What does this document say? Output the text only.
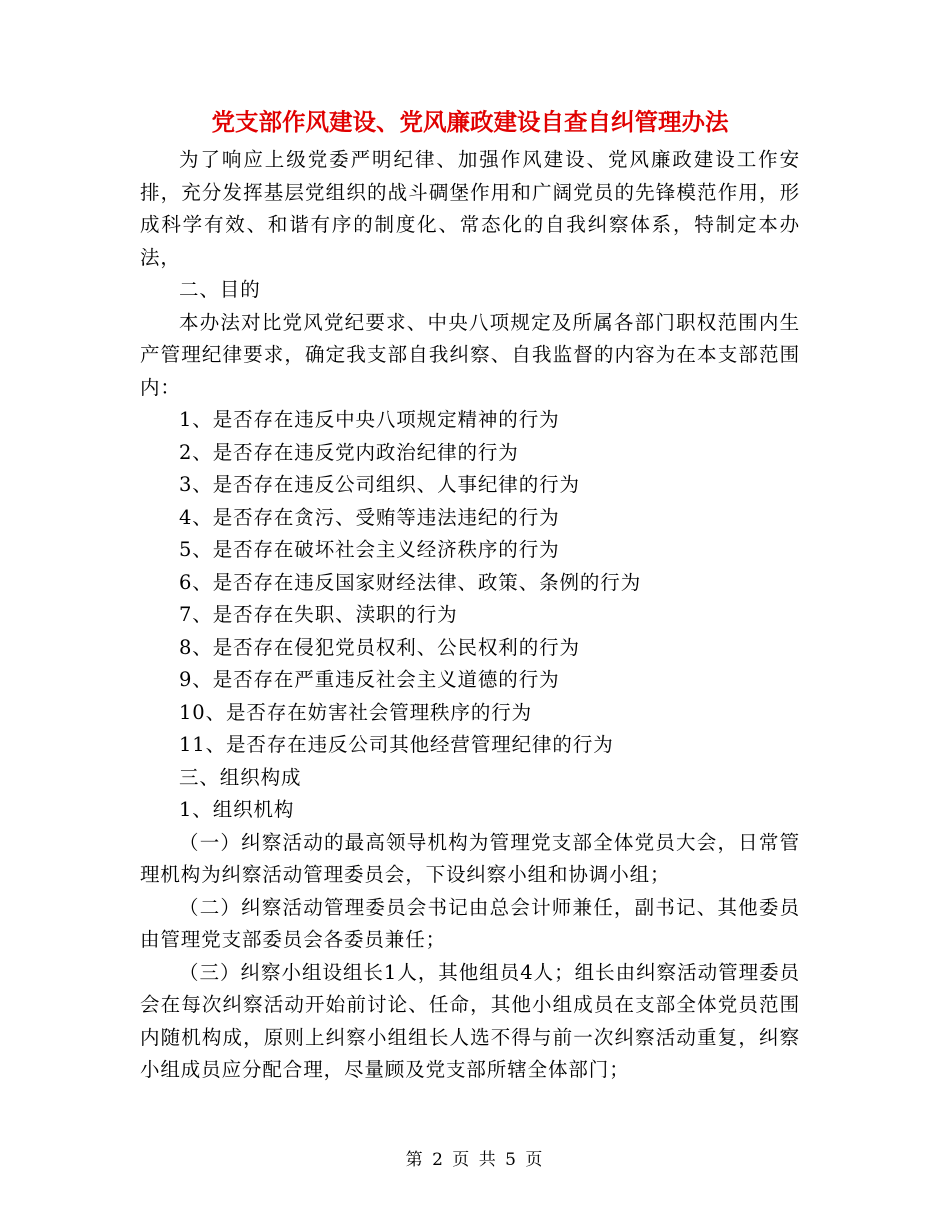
党支部作风建设、党风廉政建设自查自纠管理办法

为了响应上级党委严明纪律、加强作风建设、党风廉政建设工作安排，充分发挥基层党组织的战斗碉堡作用和广阔党员的先锋模范作用，形成科学有效、和谐有序的制度化、常态化的自我纠察体系，特制定本办法，

二、目的

本办法对比党风党纪要求、中央八项规定及所属各部门职权范围内生产管理纪律要求，确定我支部自我纠察、自我监督的内容为在本支部范围内：

1、是否存在违反中央八项规定精神的行为

2、是否存在违反党内政治纪律的行为

3、是否存在违反公司组织、人事纪律的行为

4、是否存在贪污、受贿等违法违纪的行为

5、是否存在破坏社会主义经济秩序的行为

6、是否存在违反国家财经法律、政策、条例的行为

7、是否存在失职、渎职的行为

8、是否存在侵犯党员权利、公民权利的行为

9、是否存在严重违反社会主义道德的行为

10、是否存在妨害社会管理秩序的行为

11、是否存在违反公司其他经营管理纪律的行为

三、组织构成

1、组织机构

（一）纠察活动的最高领导机构为管理党支部全体党员大会，日常管理机构为纠察活动管理委员会，下设纠察小组和协调小组；

（二）纠察活动管理委员会书记由总会计师兼任，副书记、其他委员由管理党支部委员会各委员兼任；

（三）纠察小组设组长1人，其他组员4人；组长由纠察活动管理委员会在每次纠察活动开始前讨论、任命，其他小组成员在支部全体党员范围内随机构成，原则上纠察小组组长人选不得与前一次纠察活动重复，纠察小组成员应分配合理，尽量顾及党支部所辖全体部门；

第 2 页 共 5 页
